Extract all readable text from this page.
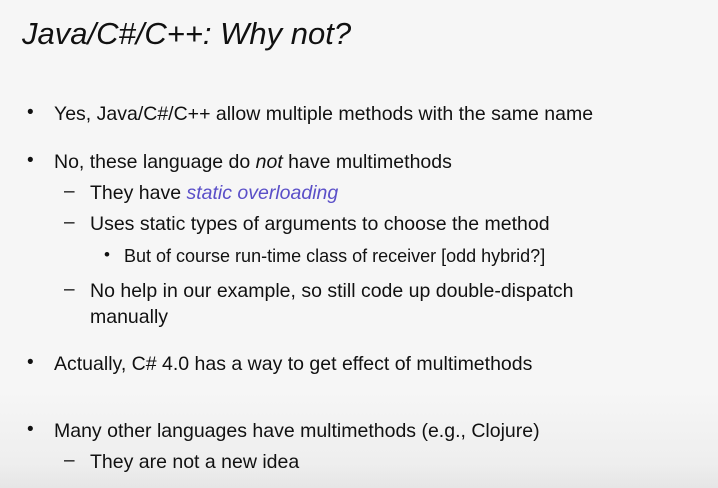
Java/C#/C++: Why not?
• Yes, Java/C#/C++ allow multiple methods with the same name
• No, these language do not have multimethods
– They have static overloading
– Uses static types of arguments to choose the method
• But of course run-time class of receiver [odd hybrid?]
– No help in our example, so still code up double-dispatch
manually
• Actually, C# 4.0 has a way to get effect of multimethods
• Many other languages have multimethods (e.g., Clojure)
– They are not a new idea
